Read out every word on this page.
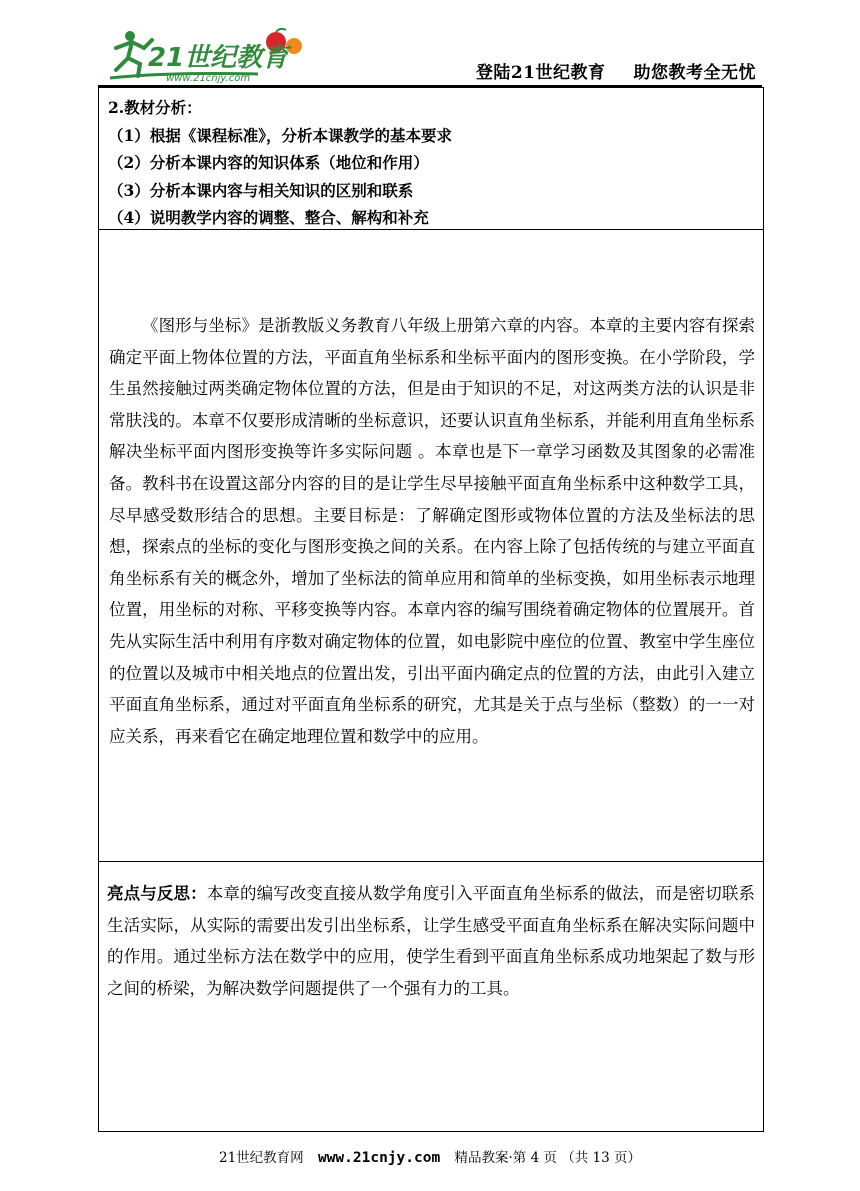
21世纪教育
www.21cnjy.com	登陆21世纪教育 助您教考全无忧
2.教材分析：
（1）根据《课程标准》，分析本课教学的基本要求
（2）分析本课内容的知识体系（地位和作用）
（3）分析本课内容与相关知识的区别和联系
（4）说明教学内容的调整、整合、解构和补充

《图形与坐标》是浙教版义务教育八年级上册第六章的内容。本章的主要内容有探索确定平面上物体位置的方法，平面直角坐标系和坐标平面内的图形变换。在小学阶段，学生虽然接触过两类确定物体位置的方法，但是由于知识的不足，对这两类方法的认识是非常肤浅的。本章不仅要形成清晰的坐标意识，还要认识直角坐标系，并能利用直角坐标系解决坐标平面内图形变换等许多实际问题 。本章也是下一章学习函数及其图象的必需准备。教科书在设置这部分内容的目的是让学生尽早接触平面直角坐标系中这种数学工具，尽早感受数形结合的思想。主要目标是：了解确定图形或物体位置的方法及坐标法的思想，探索点的坐标的变化与图形变换之间的关系。在内容上除了包括传统的与建立平面直角坐标系有关的概念外，增加了坐标法的简单应用和简单的坐标变换，如用坐标表示地理位置，用坐标的对称、平移变换等内容。本章内容的编写围绕着确定物体的位置展开。首先从实际生活中利用有序数对确定物体的位置，如电影院中座位的位置、教室中学生座位的位置以及城市中相关地点的位置出发，引出平面内确定点的位置的方法，由此引入建立平面直角坐标系，通过对平面直角坐标系的研究，尤其是关于点与坐标（整数）的一一对应关系，再来看它在确定地理位置和数学中的应用。

亮点与反思：本章的编写改变直接从数学角度引入平面直角坐标系的做法，而是密切联系生活实际，从实际的需要出发引出坐标系，让学生感受平面直角坐标系在解决实际问题中的作用。通过坐标方法在数学中的应用，使学生看到平面直角坐标系成功地架起了数与形之间的桥梁，为解决数学问题提供了一个强有力的工具。
21世纪教育网 www.21cnjy.com 精品教案·第 4 页 （共 13 页）
